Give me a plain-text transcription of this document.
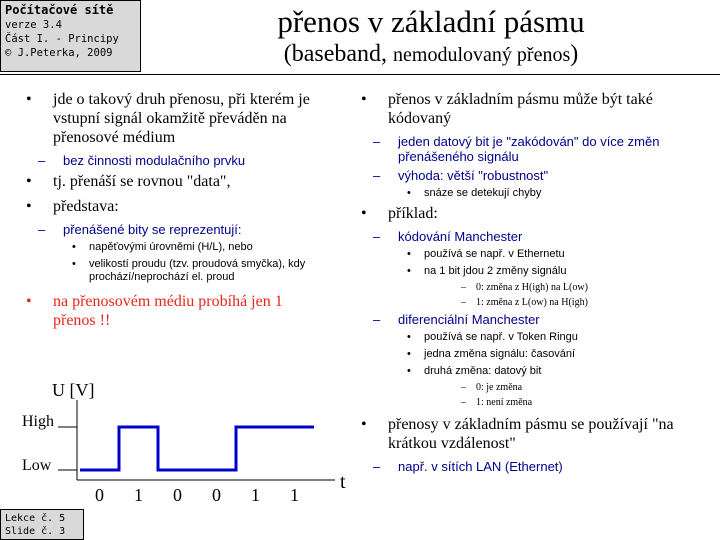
Počítačové sítě
verze 3.4
Část I. - Principy
© J.Peterka, 2009
přenos v základní pásmu
(baseband, nemodulovaný přenos)
• jde o takový druh přenosu, při kterém je vstupní signál okamžitě převáděn na přenosové médium
– bez činnosti modulačního prvku
• tj. přenáší se rovnou "data",
• představa:
– přenášené bity se reprezentují:
• napěťovými úrovněmi (H/L), nebo
• velikostí proudu (tzv. proudová smyčka), kdy prochází/neprochází el. proud
• na přenosovém médiu probíhá jen 1 přenos !!
• přenos v základním pásmu může být také kódovaný
– jeden datový bit je "zakódován" do více změn přenášeného signálu
– výhoda: větší "robustnost"
• snáze se detekují chyby
• příklad:
– kódování Manchester
• používá se např. v Ethernetu
• na 1 bit jdou 2 změny signálu
– 0: změna z H(igh) na L(ow)
– 1: změna z L(ow) na H(igh)
– diferenciální Manchester
• používá se např. v Token Ringu
• jedna změna signálu: časování
• druhá změna: datový bit
– 0: je změna
– 1: není změna
• přenosy v základním pásmu se používají "na krátkou vzdálenost"
– např. v sítích LAN (Ethernet)
U [V]
t
High
Low
0 1 0 0 1 1
Lekce č. 5
Slide č. 3
